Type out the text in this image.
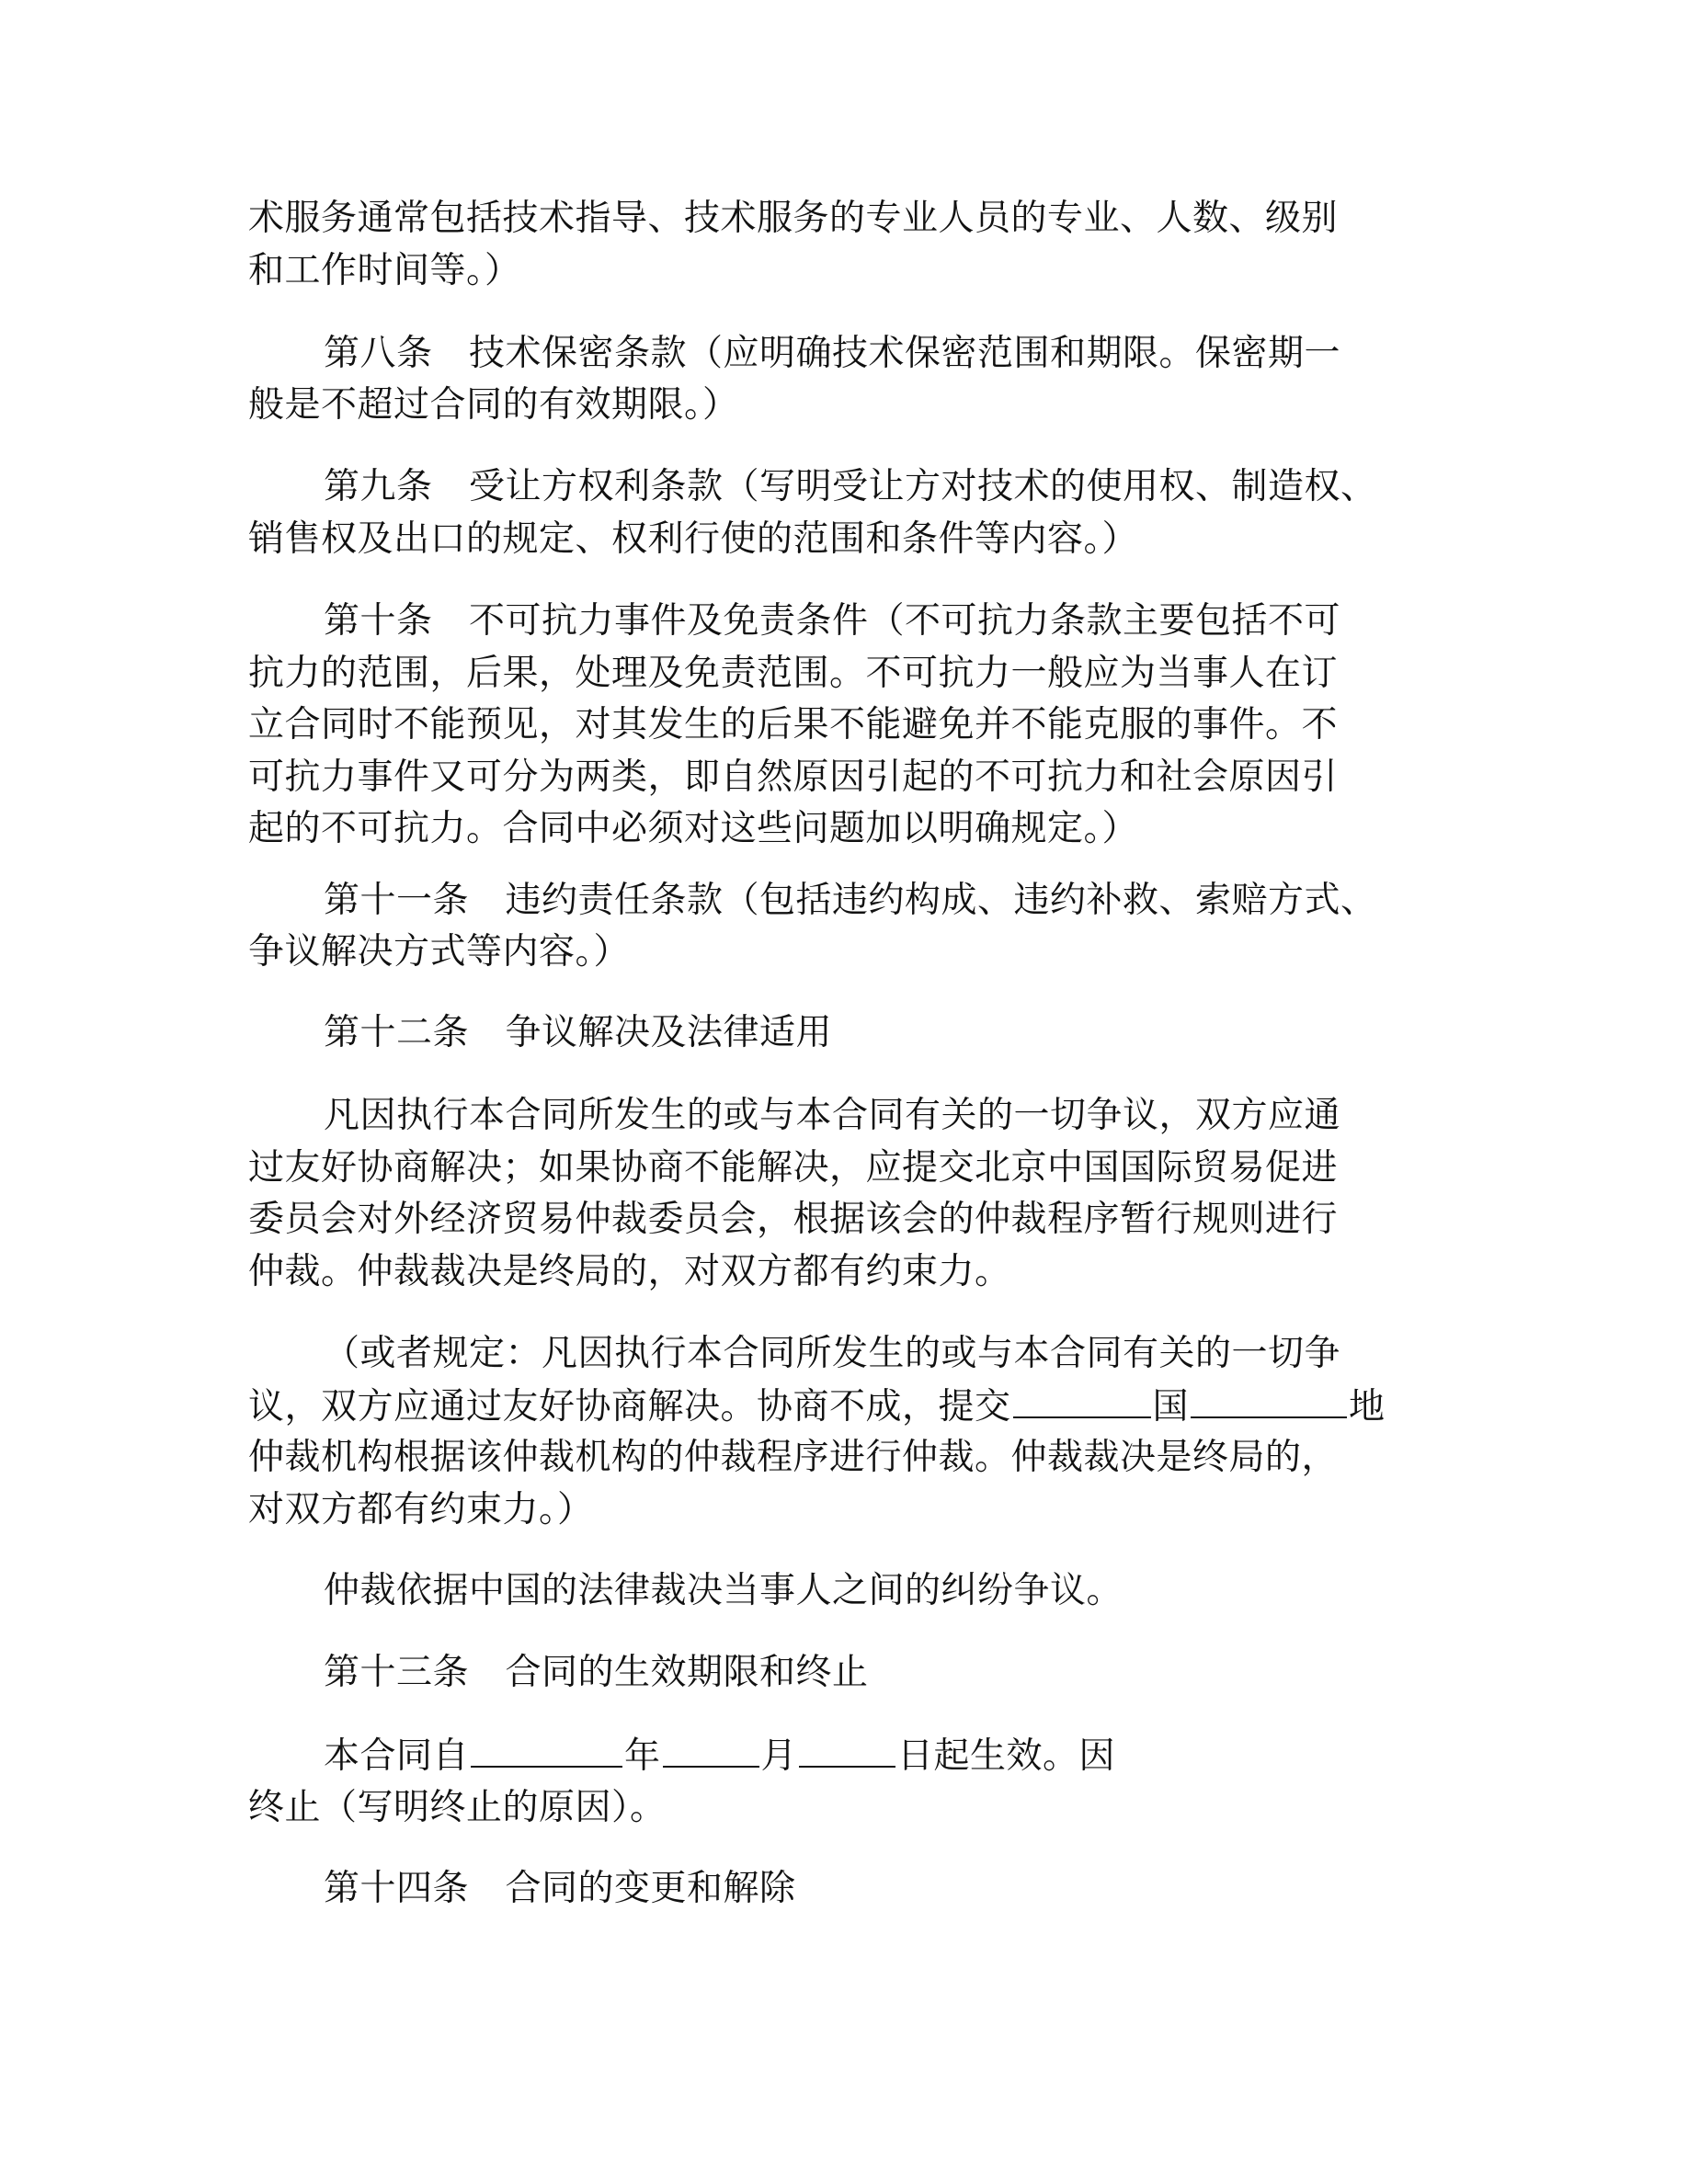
术服务通常包括技术指导、技术服务的专业人员的专业、人数、级别

和工作时间等。）

第八条　技术保密条款（应明确技术保密范围和期限。保密期一

般是不超过合同的有效期限。）

第九条　受让方权利条款（写明受让方对技术的使用权、制造权、

销售权及出口的规定、权利行使的范围和条件等内容。）

第十条　不可抗力事件及免责条件（不可抗力条款主要包括不可

抗力的范围，后果，处理及免责范围。不可抗力一般应为当事人在订

立合同时不能预见，对其发生的后果不能避免并不能克服的事件。不

可抗力事件又可分为两类，即自然原因引起的不可抗力和社会原因引

起的不可抗力。合同中必须对这些问题加以明确规定。）

第十一条　违约责任条款（包括违约构成、违约补救、索赔方式、

争议解决方式等内容。）

第十二条　争议解决及法律适用

凡因执行本合同所发生的或与本合同有关的一切争议，双方应通

过友好协商解决；如果协商不能解决，应提交北京中国国际贸易促进

委员会对外经济贸易仲裁委员会，根据该会的仲裁程序暂行规则进行

仲裁。仲裁裁决是终局的，对双方都有约束力。

（或者规定：凡因执行本合同所发生的或与本合同有关的一切争

议，双方应通过友好协商解决。协商不成，提交	国	地

仲裁机构根据该仲裁机构的仲裁程序进行仲裁。仲裁裁决是终局的，

对双方都有约束力。）

仲裁依据中国的法律裁决当事人之间的纠纷争议。

第十三条　合同的生效期限和终止

本合同自	年	月	日起生效。因

终止（写明终止的原因）。

第十四条　合同的变更和解除
